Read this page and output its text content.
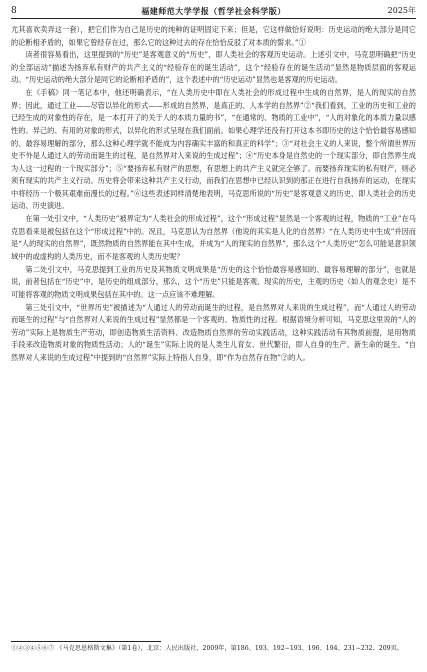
8	福建师范大学学报（哲学社会科学版）	2025年

尤其喜欢卖弄这一套），把它们作为自己是历史的纯种的证明固定下来；但是，它这样做恰好说明：历史运动的绝大部分是同它的论断相矛盾的，如果它曾经存在过，那么它的这种过去的存在恰恰反驳了对本质的誓求。”①

读者很容易看出，这里提到的“历史”是客观意义的“历史”，即人类社会的客观历史运动。上述引文中，马克思明确把“历史的全部运动”描述为扬弃私有财产的共产主义的“经验存在的诞生活动”，这个“经验存在的诞生活动”显然是物质层面的客观运动。“历史运动的绝大部分是同它的论断相矛盾的”，这个表述中的“历史运动”显然也是客观的历史运动。

在《手稿》同一笔记本中，他还明确表示，“在人类历史中即在人类社会的形成过程中生成的自然界，是人的现实的自然界；因此，通过工业——尽管以异化的形式——形成的自然界，是真正的、人本学的自然界”②“我们看到，工业的历史和工业的已经生成的对象性的存在，是一本打开了的关于人的本质力量的书”，“在通常的、物质的工业中”，“人的对象化的本质力量以感性的、异己的、有用的对象的形式，以异化的形式呈现在我们面前。如果心理学还没有打开这本书即历史的这个恰恰最容易感知的、最容易理解的部分，那么这种心理学就不能成为内容确实丰富的和真正的科学”；③“对社会主义的人来说，整个所谓世界历史不外是人通过人的劳动而诞生的过程，是自然界对人来说的生成过程”；④“历史本身是自然史的一个现实部分，即自然界生成为人这一过程的一个现实部分”；⑤“要扬弃私有财产的思想，有思想上的共产主义就完全够了。而要扬弃现实的私有财产，则必须有现实的共产主义行动。历史将会带来这种共产主义行动，而我们在思想中已经认识到的那正在进行自我扬弃的运动，在现实中将经历一个极其艰难而漫长的过程。”⑥这些表述同样清楚地表明，马克思所说的“历史”是客观意义的历史，即人类社会的历史运动、历史演进。

在第一处引文中，“人类历史”被界定为“人类社会的形成过程”，这个“形成过程”显然是一个客观的过程，物质的“工业”在马克思看来是被包括在这个“形成过程”中的。况且，马克思认为自然界（他说的其实是人化的自然界）“在人类历史中生成”并因而是“人的现实的自然界”，既然物质的自然界能在其中生成，并成为“人的现实的自然界”，那么这个“人类历史”怎么可能是意识领域中的或虚构的人类历史，而不是客观的人类历史呢？

第二处引文中，马克思提到工业的历史及其物质文明成果是“历史的这个恰恰最容易感知的、最容易理解的部分”，也就是说，前者包括在“历史”中，是历史的组成部分，那么，这个“历史”只能是客观、现实的历史，主观的历史（如人的观念史）是不可能将客观的物质文明成果包括在其中的。这一点应该不难理解。

第三处引文中，“世界历史”被描述为“人通过人的劳动而诞生的过程，是自然界对人来说的生成过程”，而“人通过人的劳动而诞生的过程”与“自然界对人来说的生成过程”显然都是一个客观的、物质性的过程。根据语境分析可知，马克思这里说的“人的劳动”实际上是物质生产劳动，即创造物质生活资料、改造物质自然界的劳动实践活动，这种实践活动有其物质前提，是用物质手段来改造物质对象的物质性活动；人的“诞生”实际上说的是人类生儿育女、世代繁衍，即人自身的生产、新生命的诞生。“自然界对人来说的生成过程”中提到的“自然界”实际上特指人自身，即“作为自然存在物”②的人。

①②③④⑤⑥⑦ 《马克思恩格斯文集》（第1卷），北京：人民出版社，2009年，第186、193、192−193、196、194、231−232、209页。
